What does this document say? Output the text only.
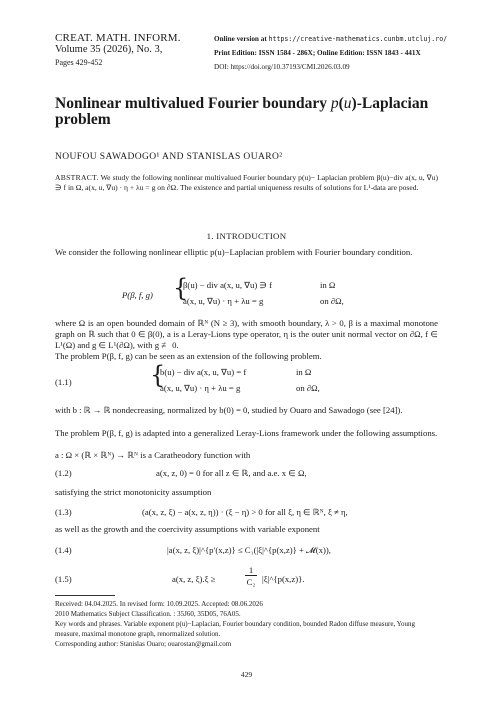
CREAT. MATH. INFORM.
Volume 35 (2026), No. 3,
Pages 429-452
Online version at https://creative-mathematics.cunbm.utcluj.ro/
Print Edition: ISSN 1584 - 286X; Online Edition: ISSN 1843 - 441X
DOI: https://doi.org/10.37193/CMI.2026.03.09
Nonlinear multivalued Fourier boundary p(u)-Laplacian problem
NOUFOU SAWADOGO¹ AND STANISLAS OUARO²
ABSTRACT. We study the following nonlinear multivalued Fourier boundary p(u)− Laplacian problem β(u)−div a(x, u, ∇u) ∋ f in Ω, a(x, u, ∇u) · η + λu = g on ∂Ω. The existence and partial uniqueness results of solutions for L¹-data are posed.
1. INTRODUCTION
We consider the following nonlinear elliptic p(u)−Laplacian problem with Fourier boundary condition.
P(β, f, g) {
β(u) − div a(x, u, ∇u) ∋ f	in Ω
a(x, u, ∇u) · η + λu = g	on ∂Ω,
where Ω is an open bounded domain of ℝᴺ (N ≥ 3), with smooth boundary, λ > 0, β is a maximal monotone graph on ℝ such that 0 ∈ β(0), a is a Leray-Lions type operator, η is the outer unit normal vector on ∂Ω, f ∈ L¹(Ω) and g ∈ L¹(∂Ω), with g ≢ 0.
The problem P(β, f, g) can be seen as an extension of the following problem.
(1.1)	{
b(u) − div a(x, u, ∇u) = f	in Ω
a(x, u, ∇u) · η + λu = g	on ∂Ω,
with b : ℝ → ℝ nondecreasing, normalized by b(0) = 0, studied by Ouaro and Sawadogo (see [24]).
The problem P(β, f, g) is adapted into a generalized Leray-Lions framework under the following assumptions.
a : Ω × (ℝ × ℝᴺ) → ℝᴺ is a Caratheodory function with
(1.2)	a(x, z, 0) = 0 for all z ∈ ℝ, and a.e. x ∈ Ω,
satisfying the strict monotonicity assumption
(1.3)	(a(x, z, ξ) − a(x, z, η)) · (ξ − η) > 0 for all ξ, η ∈ ℝᴺ, ξ ≠ η,
as well as the growth and the coercivity assumptions with variable exponent
(1.4)	|a(x, z, ξ)|^{p′(x,z)} ≤ C₁(|ξ|^{p(x,z)} + 𝓜(x)),
(1.5)	a(x, z, ξ).ξ ≥
1
C₂ |ξ|^{p(x,z)}.
Received: 04.04.2025. In revised form: 10.09.2025. Accepted: 08.06.2026
2010 Mathematics Subject Classification. : 35J60, 35D05, 76A05.
Key words and phrases. Variable exponent p(u)−Laplacian, Fourier boundary condition, bounded Radon diffuse measure, Young measure, maximal monotone graph, renormalized solution.
Corresponding author: Stanislas Ouaro; ouarostan@gmail.com
429
